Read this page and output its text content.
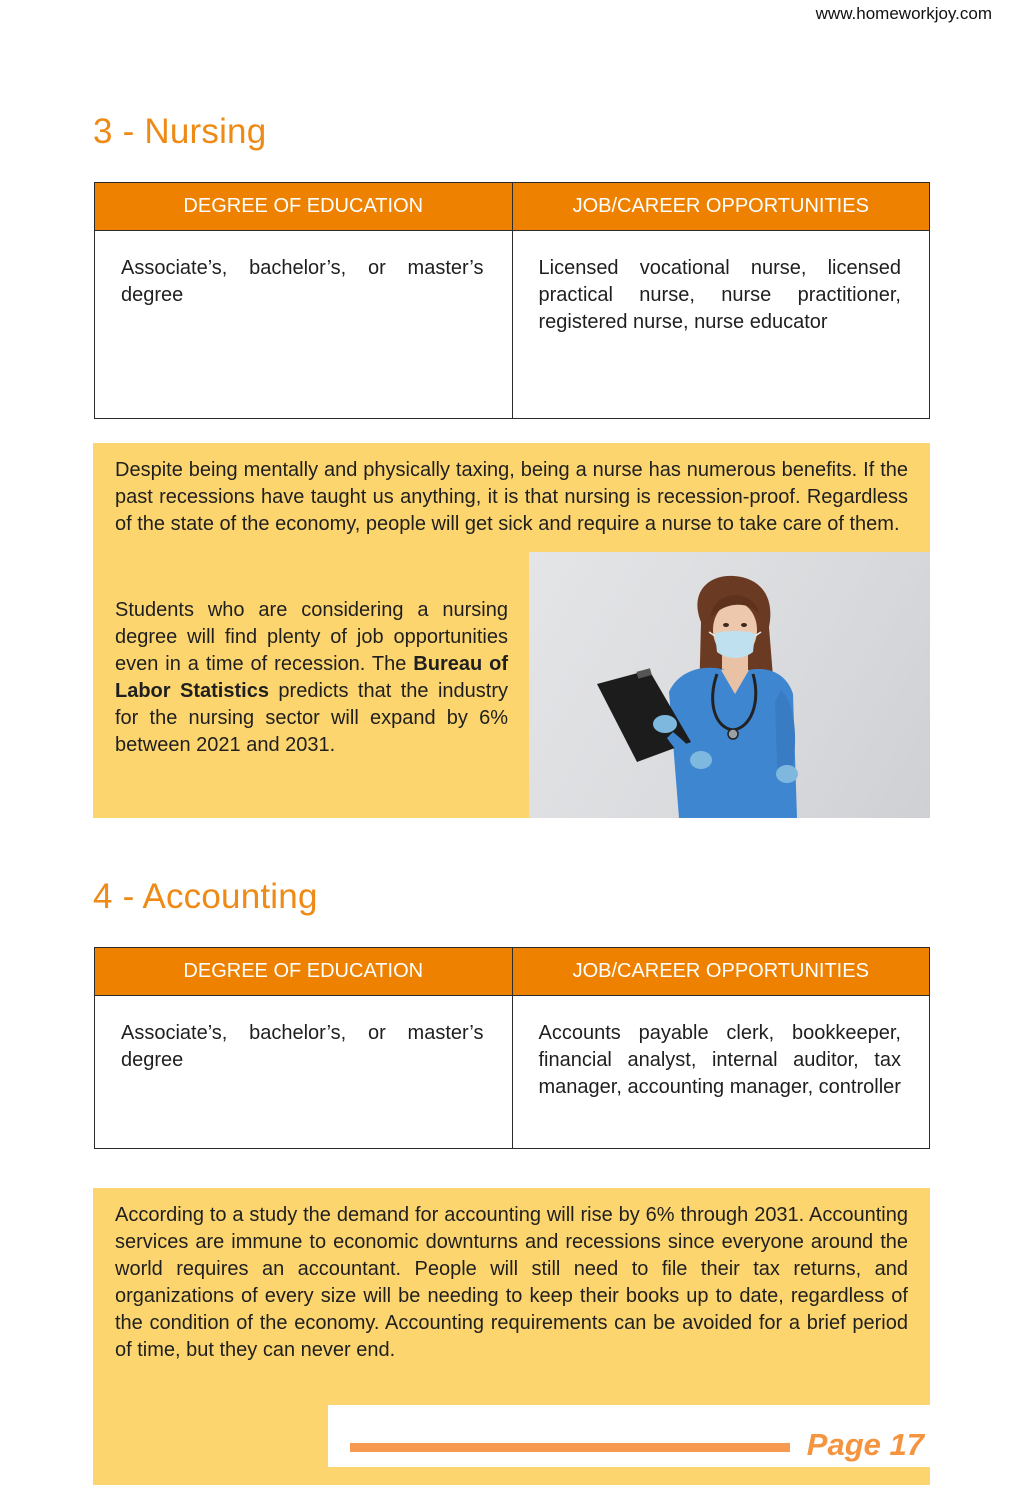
www.homeworkjoy.com
3 - Nursing
DEGREE OF EDUCATION	JOB/CAREER OPPORTUNITIES
Associate’s, bachelor’s, or master’s degree	Licensed vocational nurse, licensed practical nurse, nurse practitioner, registered nurse, nurse educator

Despite being mentally and physically taxing, being a nurse has numerous benefits. If the past recessions have taught us anything, it is that nursing is recession-proof. Regardless of the state of the economy, people will get sick and require a nurse to take care of them.

Students who are considering a nursing degree will find plenty of job opportunities even in a time of recession. The Bureau of Labor Statistics predicts that the industry for the nursing sector will expand by 6% between 2021 and 2031.

4 - Accounting
DEGREE OF EDUCATION	JOB/CAREER OPPORTUNITIES
Associate’s, bachelor’s, or master’s degree	Accounts payable clerk, bookkeeper, financial analyst, internal auditor, tax manager, accounting manager, controller

According to a study the demand for accounting will rise by 6% through 2031. Accounting services are immune to economic downturns and recessions since everyone around the world requires an accountant. People will still need to file their tax returns, and organizations of every size will be needing to keep their books up to date, regardless of the condition of the economy. Accounting requirements can be avoided for a brief period of time, but they can never end.

Page 17
